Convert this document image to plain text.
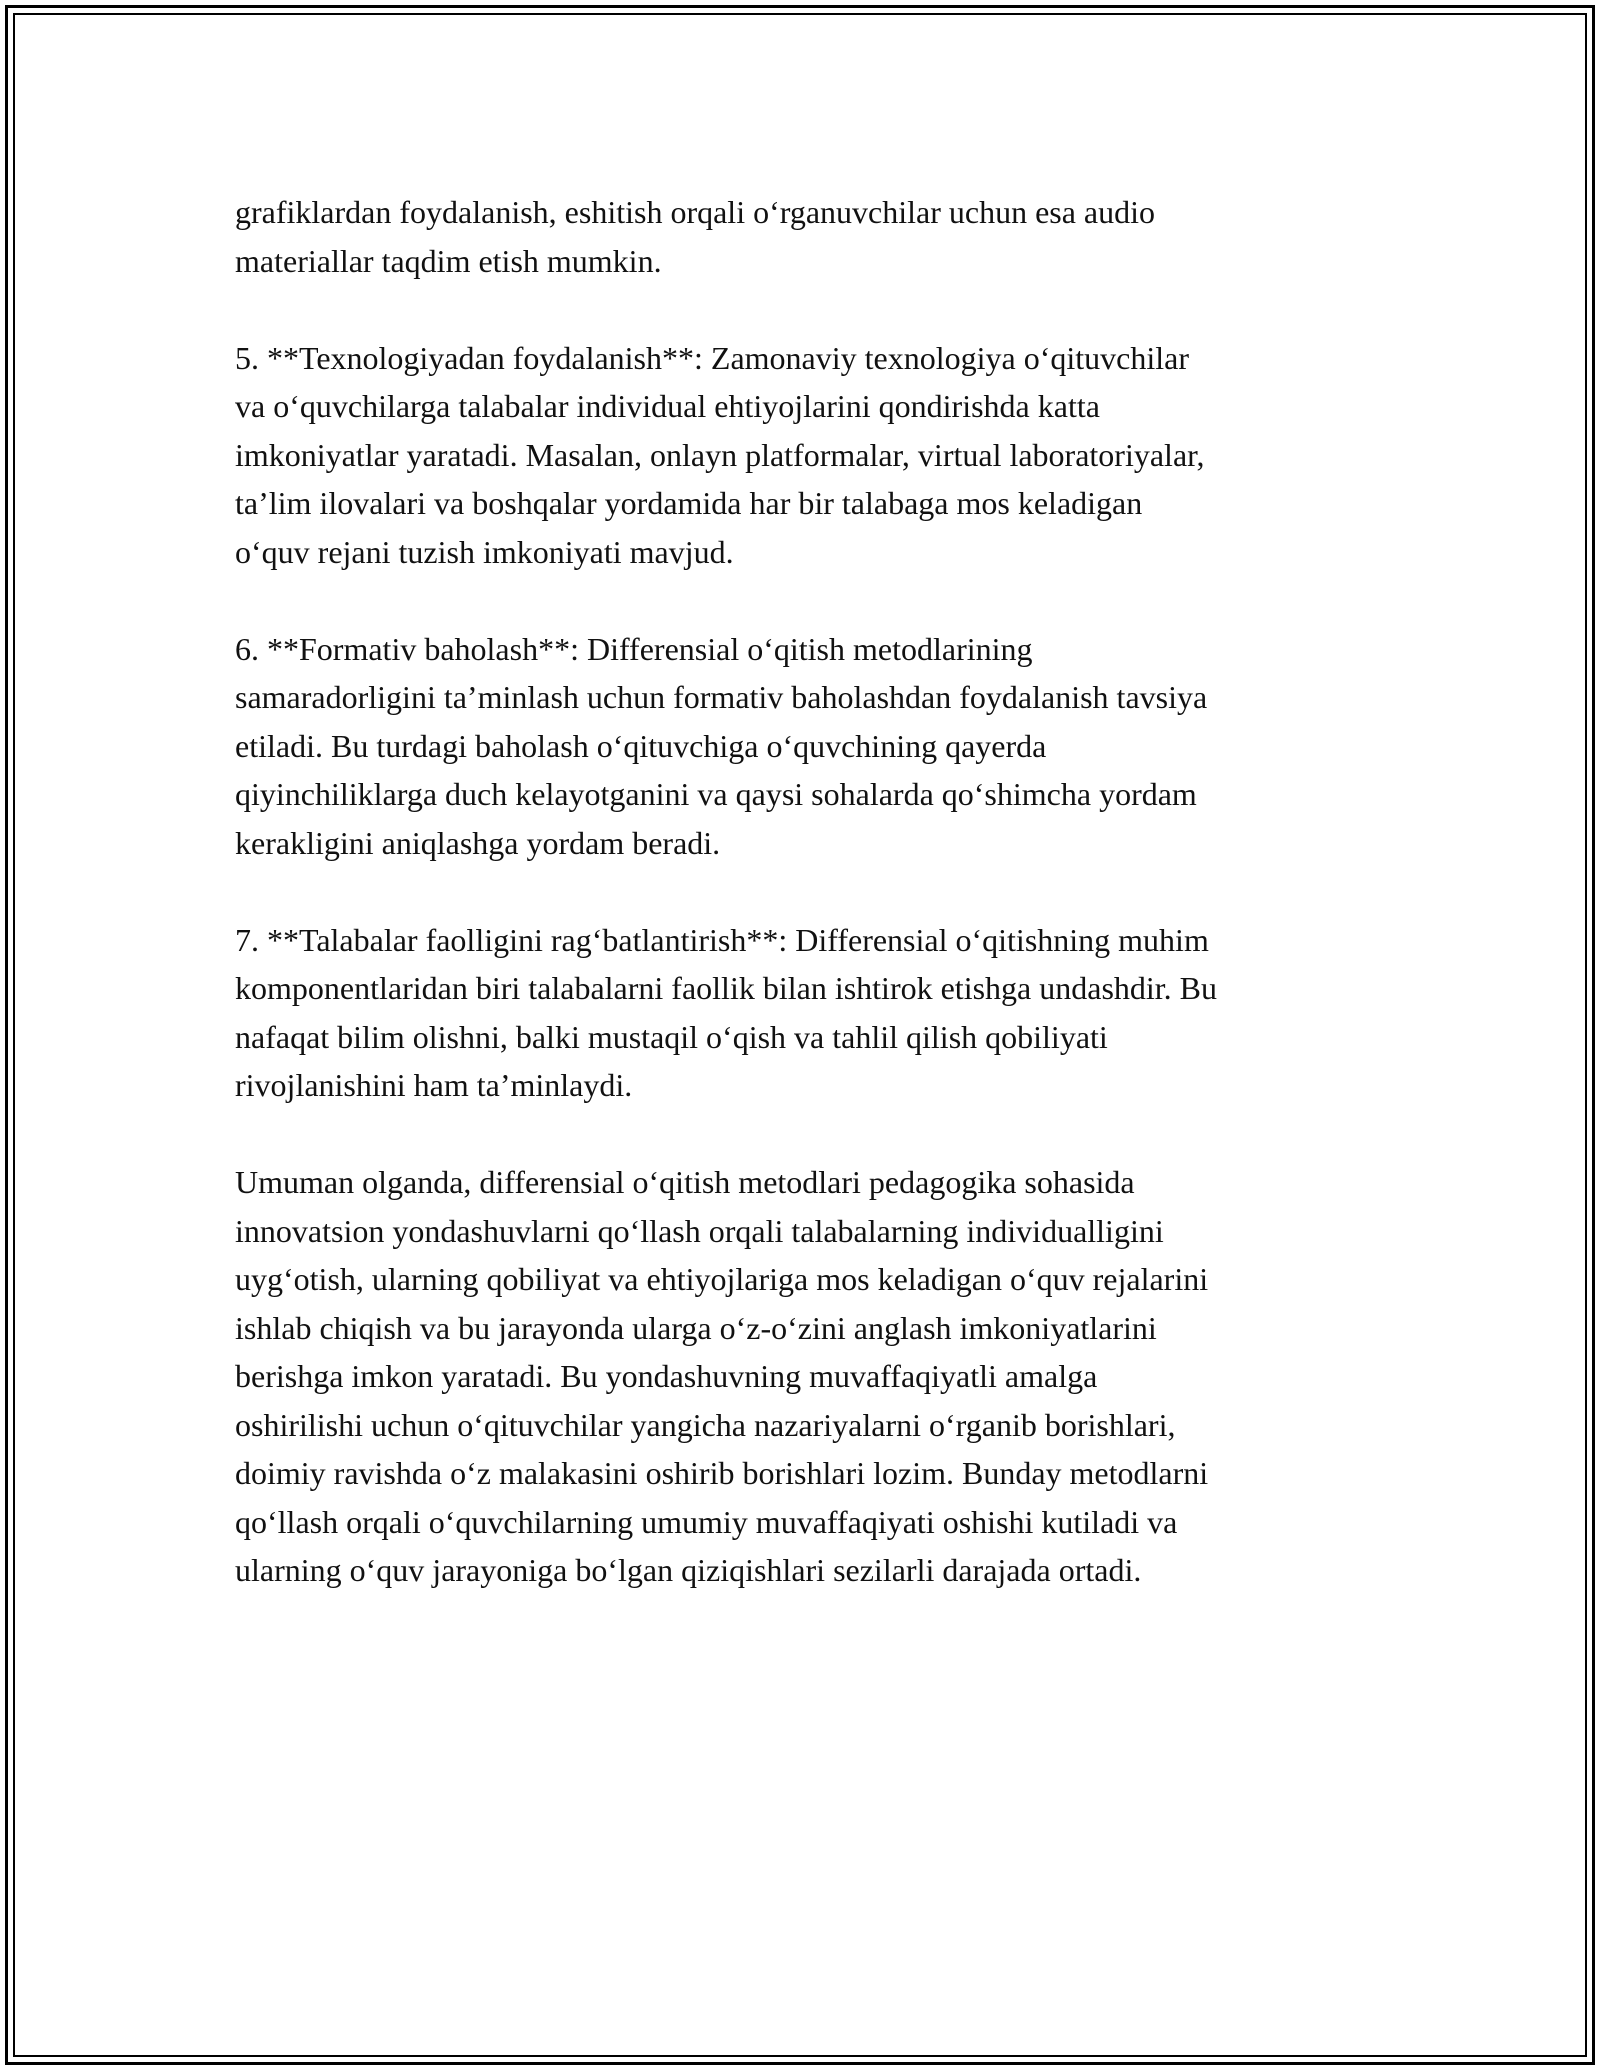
grafiklardan foydalanish, eshitish orqali o‘rganuvchilar uchun esa audio
materiallar taqdim etish mumkin.

5. **Texnologiyadan foydalanish**: Zamonaviy texnologiya o‘qituvchilar
va o‘quvchilarga talabalar individual ehtiyojlarini qondirishda katta
imkoniyatlar yaratadi. Masalan, onlayn platformalar, virtual laboratoriyalar,
ta’lim ilovalari va boshqalar yordamida har bir talabaga mos keladigan
o‘quv rejani tuzish imkoniyati mavjud.

6. **Formativ baholash**: Differensial o‘qitish metodlarining
samaradorligini ta’minlash uchun formativ baholashdan foydalanish tavsiya
etiladi. Bu turdagi baholash o‘qituvchiga o‘quvchining qayerda
qiyinchiliklarga duch kelayotganini va qaysi sohalarda qo‘shimcha yordam
kerakligini aniqlashga yordam beradi.

7. **Talabalar faolligini rag‘batlantirish**: Differensial o‘qitishning muhim
komponentlaridan biri talabalarni faollik bilan ishtirok etishga undashdir. Bu
nafaqat bilim olishni, balki mustaqil o‘qish va tahlil qilish qobiliyati
rivojlanishini ham ta’minlaydi.

Umuman olganda, differensial o‘qitish metodlari pedagogika sohasida
innovatsion yondashuvlarni qo‘llash orqali talabalarning individualligini
uyg‘otish, ularning qobiliyat va ehtiyojlariga mos keladigan o‘quv rejalarini
ishlab chiqish va bu jarayonda ularga o‘z-o‘zini anglash imkoniyatlarini
berishga imkon yaratadi. Bu yondashuvning muvaffaqiyatli amalga
oshirilishi uchun o‘qituvchilar yangicha nazariyalarni o‘rganib borishlari,
doimiy ravishda o‘z malakasini oshirib borishlari lozim. Bunday metodlarni
qo‘llash orqali o‘quvchilarning umumiy muvaffaqiyati oshishi kutiladi va
ularning o‘quv jarayoniga bo‘lgan qiziqishlari sezilarli darajada ortadi.
